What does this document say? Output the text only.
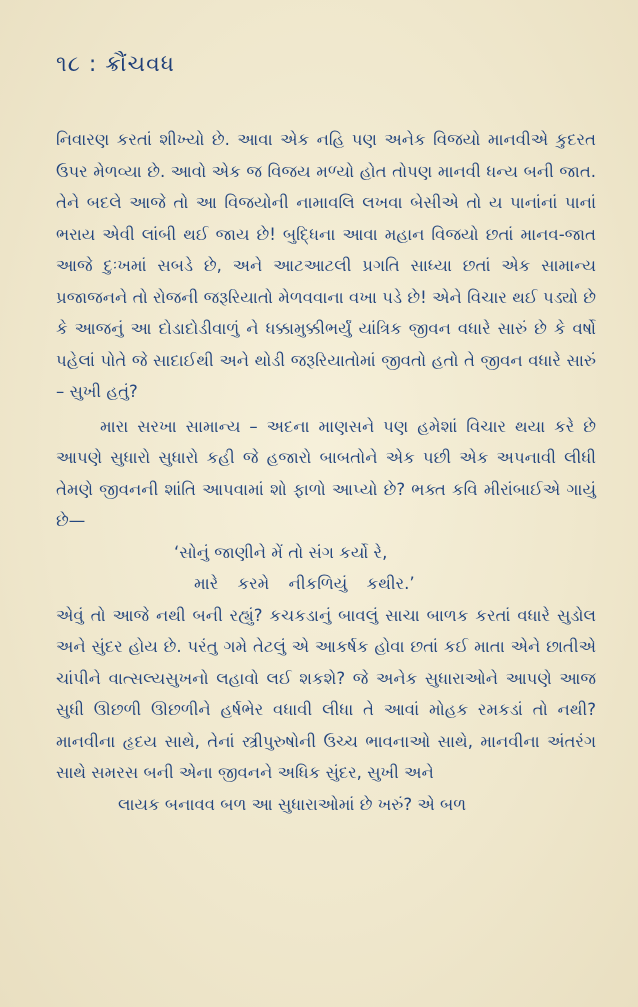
૧૮ : ક્રૌંચવધ

નિવારણ કરતાં શીખ્યો છે. આવા એક નહિ પણ અનેક વિજયો માનવીએ કુદરત ઉપર મેળવ્યા છે. આવો એક જ વિજય મળ્યો હોત તોપણ માનવી ધન્ય બની જાત. તેને બદલે આજે તો આ વિજયોની નામાવલિ લખવા બેસીએ તો ય પાનાંનાં પાનાં ભરાય એવી લાંબી થઈ જાય છે! બુદ્ધિના આવા મહાન વિજયો છતાં માનવ-જાત આજે દુઃખમાં સબડે છે, અને આટઆટલી પ્રગતિ સાધ્યા છતાં એક સામાન્ય પ્રજાજનને તો રોજની જરૂરિયાતો મેળવવાના વખા પડે છે! એને વિચાર થઈ પડ્યો છે કે આજનું આ દોડાદોડીવાળું ને ધક્કામુક્કીભર્યું યાંત્રિક જીવન વધારે સારું છે કે વર્ષો પહેલાં પોતે જે સાદાઈથી અને થોડી જરૂરિયાતોમાં જીવતો હતો તે જીવન વધારે સારું – સુખી હતું?

મારા સરખા સામાન્ય – અદના માણસને પણ હમેશાં વિચાર થયા કરે છે આપણે સુધારો સુધારો કહી જે હજારો બાબતોને એક પછી એક અપનાવી લીધી તેમણે જીવનની શાંતિ આપવામાં શો ફાળો આપ્યો છે? ભક્ત કવિ મીરાંબાઈએ ગાયું છે—

‘સોનું જાણીને મેં તો સંગ કર્યો રે,

મારે કરમે નીકળિયું કથીર.’

એવું તો આજે નથી બની રહ્યું? કચકડાનું બાવલું સાચા બાળક કરતાં વધારે સુડોલ અને સુંદર હોય છે. પરંતુ ગમે તેટલું એ આકર્ષક હોવા છતાં કઈ માતા એને છાતીએ ચાંપીને વાત્સલ્યસુખનો લહાવો લઈ શકશે? જે અનેક સુધારાઓને આપણે આજ સુધી ઊછળી ઊછળીને હર્ષભેર વધાવી લીધા તે આવાં મોહક રમકડાં તો નથી? માનવીના હૃદય સાથે, તેનાં સ્ત્રીપુરુષોની ઉચ્ચ ભાવનાઓ સાથે, માનવીના અંતરંગ સાથે સમરસ બની એના જીવનને અધિક સુંદર, સુખી અને

લાયક બનાવવ બળ આ સુધારાઓમાં છે ખરું? એ બળ
